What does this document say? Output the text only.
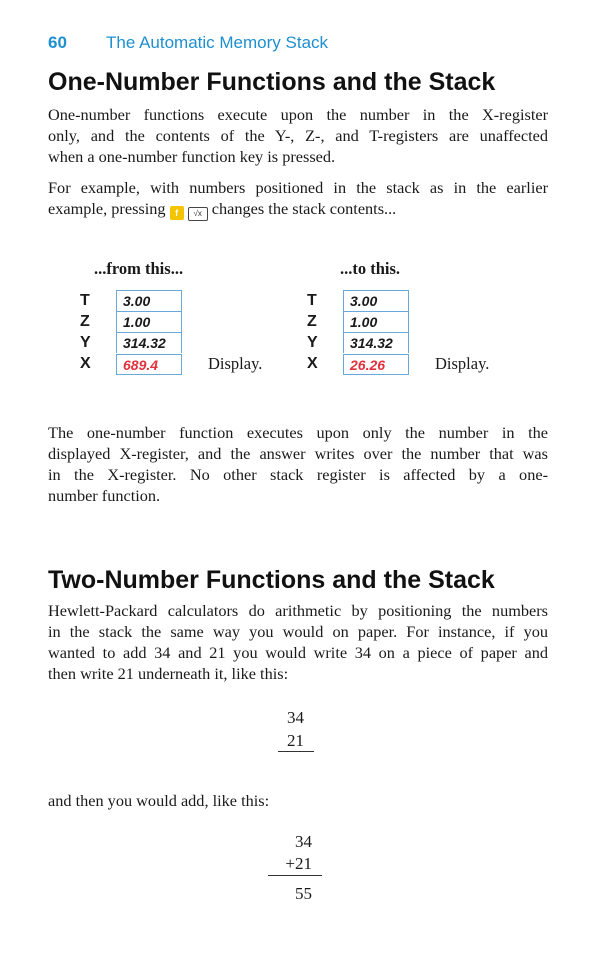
60 The Automatic Memory Stack
One-Number Functions and the Stack

One-number functions execute upon the number in the X-register

only, and the contents of the Y-, Z-, and T-registers are unaffected

when a one-number function key is pressed.

For example, with numbers positioned in the stack as in the earlier

example, pressing f √x changes the stack contents...

...from this...	...to this.
T	3.00
Z	1.00
Y	314.32
X	689.4	Display.
T	3.00
Z	1.00
Y	314.32
X	26.26	Display.

The one-number function executes upon only the number in the

displayed X-register, and the answer writes over the number that was

in the X-register. No other stack register is affected by a one-

number function.

Two-Number Functions and the Stack

Hewlett-Packard calculators do arithmetic by positioning the numbers

in the stack the same way you would on paper. For instance, if you

wanted to add 34 and 21 you would write 34 on a piece of paper and

then write 21 underneath it, like this:

34
21

and then you would add, like this:

34
+21
55
